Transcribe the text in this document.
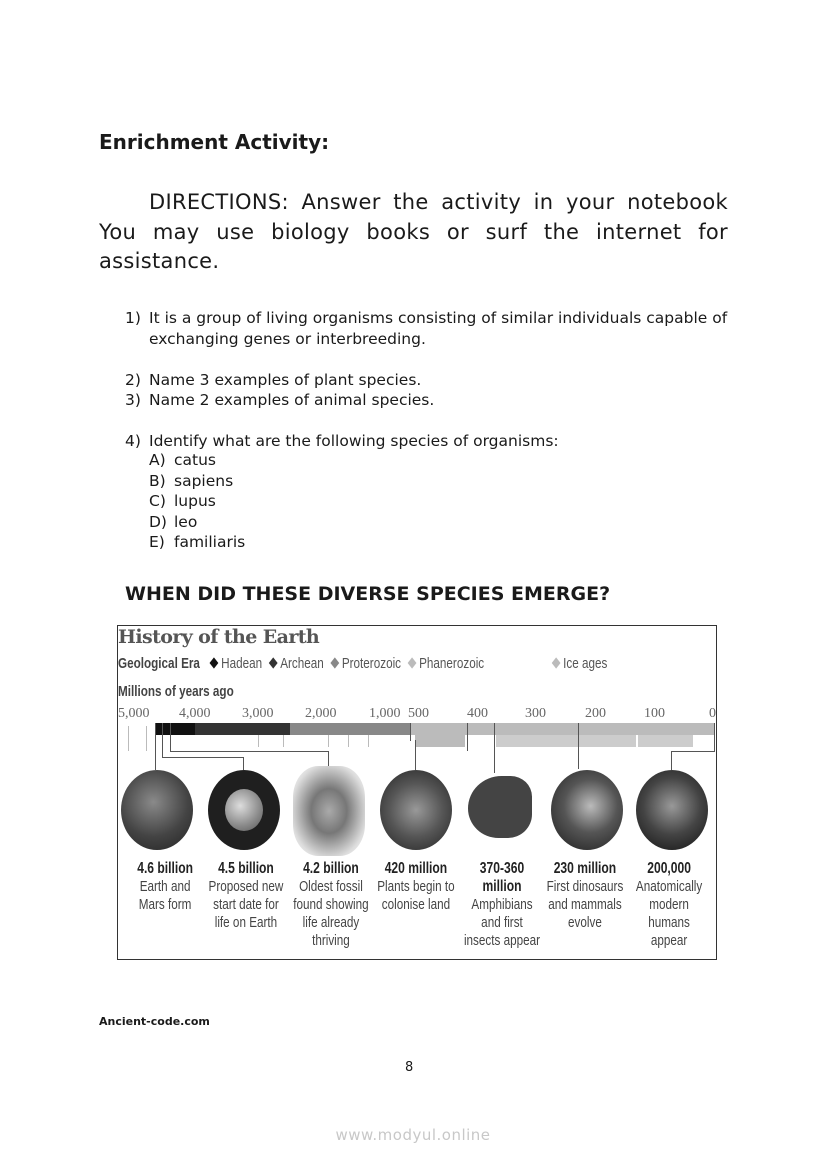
Enrichment Activity:

DIRECTIONS: Answer the activity in your notebook You may use biology books or surf the internet for assistance.

1) It is a group of living organisms consisting of similar individuals capable of exchanging genes or interbreeding.
2) Name 3 examples of plant species.
3) Name 2 examples of animal species.
4) Identify what are the following species of organisms:
A) catus
B) sapiens
C) lupus
D) leo
E) familiaris
WHEN DID THESE DIVERSE SPECIES EMERGE?
History of the Earth
Geological Era Hadean Archean Proterozoic Phanerozoic	Ice ages
Millions of years ago
5,000 4,000 3,000 2,000 1,000 500	400	300	200	100	0
4.6 billion
Earth and
Mars form
4.5 billion
Proposed new
start date for
life on Earth
4.2 billion
Oldest fossil
found showing
life already
thriving
420 million
Plants begin to
colonise land
370-360
million
Amphibians
and first
insects appear
230 million
First dinosaurs
and mammals
evolve
200,000
Anatomically
modern
humans
appear
Ancient-code.com
8
www.modyul.online
